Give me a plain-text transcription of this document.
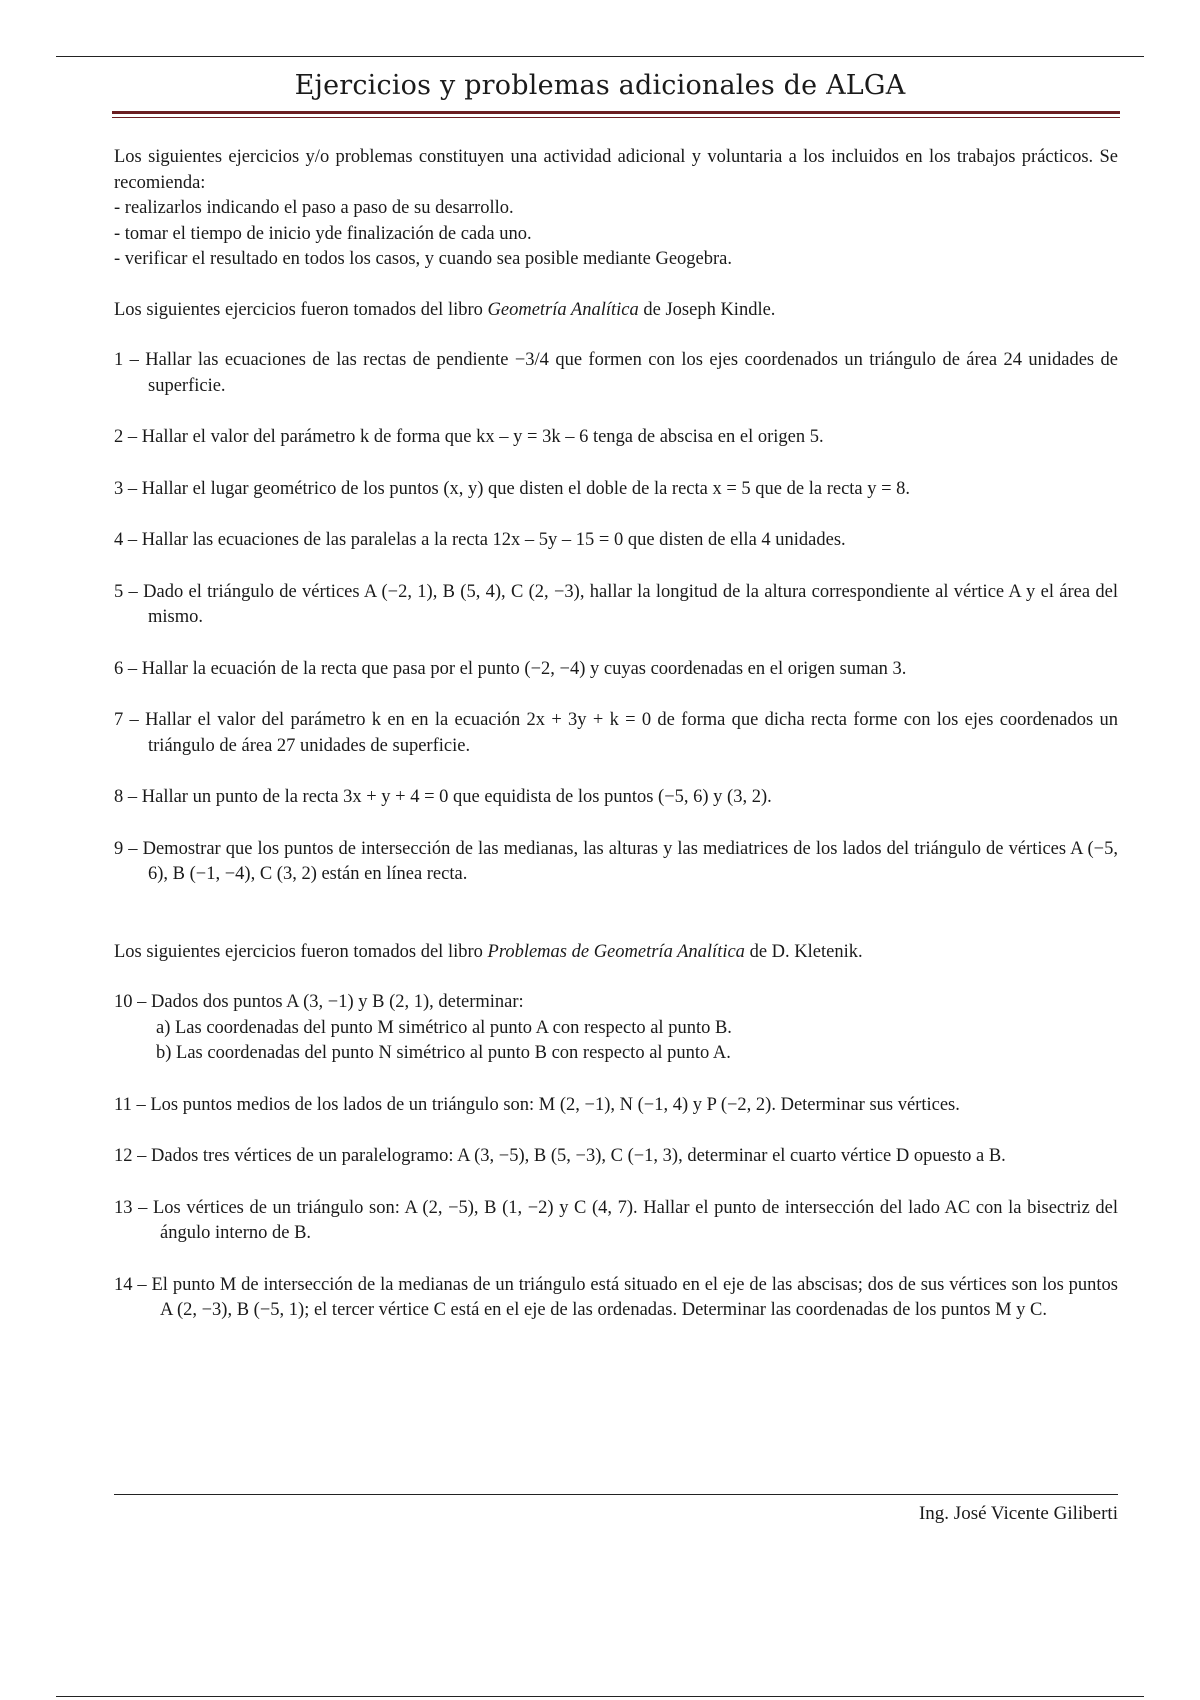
Ejercicios y problemas adicionales de ALGA

Los siguientes ejercicios y/o problemas constituyen una actividad adicional y voluntaria a los incluidos en los trabajos prácticos. Se recomienda:

- realizarlos indicando el paso a paso de su desarrollo.

- tomar el tiempo de inicio yde finalización de cada uno.

- verificar el resultado en todos los casos, y cuando sea posible mediante Geogebra.

Los siguientes ejercicios fueron tomados del libro Geometría Analítica de Joseph Kindle.

1 – Hallar las ecuaciones de las rectas de pendiente −3/4 que formen con los ejes coordenados un triángulo de área 24 unidades de superficie.

2 – Hallar el valor del parámetro k de forma que kx – y = 3k – 6 tenga de abscisa en el origen 5.

3 – Hallar el lugar geométrico de los puntos (x, y) que disten el doble de la recta x = 5 que de la recta y = 8.

4 – Hallar las ecuaciones de las paralelas a la recta 12x – 5y – 15 = 0 que disten de ella 4 unidades.

5 – Dado el triángulo de vértices A (−2, 1), B (5, 4), C (2, −3), hallar la longitud de la altura correspondiente al vértice A y el área del mismo.

6 – Hallar la ecuación de la recta que pasa por el punto (−2, −4) y cuyas coordenadas en el origen suman 3.

7 – Hallar el valor del parámetro k en en la ecuación 2x + 3y + k = 0 de forma que dicha recta forme con los ejes coordenados un triángulo de área 27 unidades de superficie.

8 – Hallar un punto de la recta 3x + y + 4 = 0 que equidista de los puntos (−5, 6) y (3, 2).

9 – Demostrar que los puntos de intersección de las medianas, las alturas y las mediatrices de los lados del triángulo de vértices A (−5, 6), B (−1, −4), C (3, 2) están en línea recta.

Los siguientes ejercicios fueron tomados del libro Problemas de Geometría Analítica de D. Kletenik.

10 – Dados dos puntos A (3, −1) y B (2, 1), determinar:

a) Las coordenadas del punto M simétrico al punto A con respecto al punto B.

b) Las coordenadas del punto N simétrico al punto B con respecto al punto A.

11 – Los puntos medios de los lados de un triángulo son: M (2, −1), N (−1, 4) y P (−2, 2). Determinar sus vértices.

12 – Dados tres vértices de un paralelogramo: A (3, −5), B (5, −3), C (−1, 3), determinar el cuarto vértice D opuesto a B.

13 – Los vértices de un triángulo son: A (2, −5), B (1, −2) y C (4, 7). Hallar el punto de intersección del lado AC con la bisectriz del ángulo interno de B.

14 – El punto M de intersección de la medianas de un triángulo está situado en el eje de las abscisas; dos de sus vértices son los puntos A (2, −3), B (−5, 1); el tercer vértice C está en el eje de las ordenadas. Determinar las coordenadas de los puntos M y C.

Ing. José Vicente Giliberti
